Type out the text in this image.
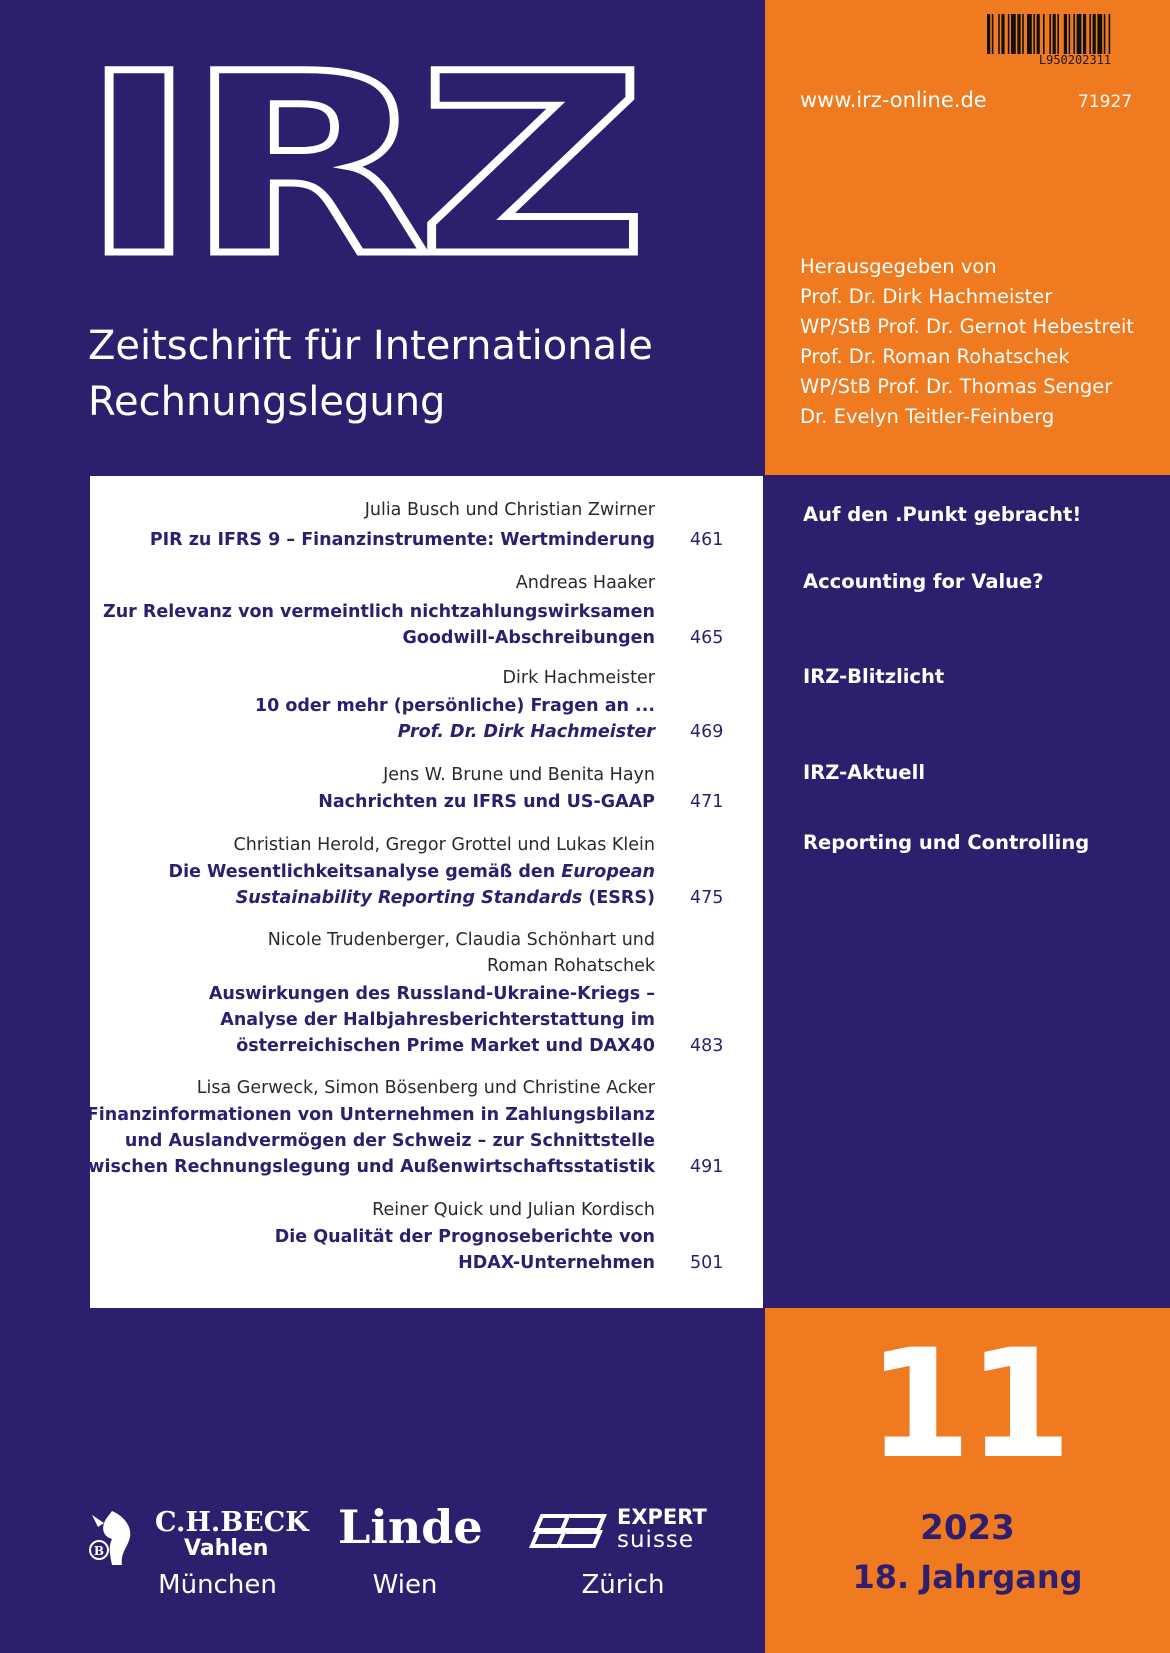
IRZ
Zeitschrift für Internationale
Rechnungslegung
L950202311
www.irz-online.de	71927
Herausgegeben von
Prof. Dr. Dirk Hachmeister
WP/StB Prof. Dr. Gernot Hebestreit
Prof. Dr. Roman Rohatschek
WP/StB Prof. Dr. Thomas Senger
Dr. Evelyn Teitler-Feinberg
Julia Busch und Christian Zwirner
PIR zu IFRS 9 – Finanzinstrumente: Wertminderung 461
Andreas Haaker
Zur Relevanz von vermeintlich nichtzahlungswirksamen
Goodwill-Abschreibungen 465
Dirk Hachmeister
10 oder mehr (persönliche) Fragen an ...
Prof. Dr. Dirk Hachmeister 469
Jens W. Brune und Benita Hayn
Nachrichten zu IFRS und US-GAAP 471
Christian Herold, Gregor Grottel und Lukas Klein
Die Wesentlichkeitsanalyse gemäß den European
Sustainability Reporting Standards (ESRS) 475
Nicole Trudenberger, Claudia Schönhart und
Roman Rohatschek
Auswirkungen des Russland-Ukraine-Kriegs –
Analyse der Halbjahresberichterstattung im
österreichischen Prime Market und DAX40 483
Lisa Gerweck, Simon Bösenberg und Christine Acker
Finanzinformationen von Unternehmen in Zahlungsbilanz
und Auslandvermögen der Schweiz – zur Schnittstelle
zwischen Rechnungslegung und Außenwirtschaftsstatistik 491
Reiner Quick und Julian Kordisch
Die Qualität der Prognoseberichte von
HDAX-Unternehmen 501
Auf den .Punkt gebracht!
Accounting for Value?
IRZ-Blitzlicht
IRZ-Aktuell
Reporting und Controlling
11
2023
18. Jahrgang
B
C.H.BECK
Vahlen
München
Linde
Wien
EXPERT
suisse
Zürich
